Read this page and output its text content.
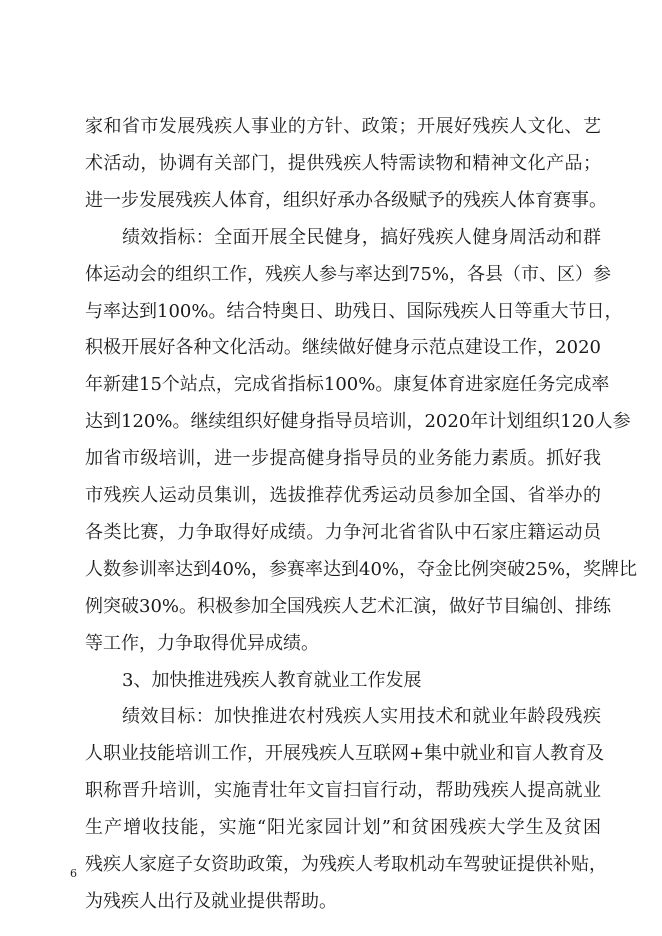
家和省市发展残疾人事业的方针、政策；开展好残疾人文化、艺
术活动，协调有关部门，提供残疾人特需读物和精神文化产品；
进一步发展残疾人体育，组织好承办各级赋予的残疾人体育赛事。
绩效指标：全面开展全民健身，搞好残疾人健身周活动和群
体运动会的组织工作，残疾人参与率达到75%，各县（市、区）参
与率达到100%。结合特奥日、助残日、国际残疾人日等重大节日，
积极开展好各种文化活动。继续做好健身示范点建设工作，2020
年新建15个站点，完成省指标100%。康复体育进家庭任务完成率
达到120%。继续组织好健身指导员培训，2020年计划组织120人参
加省市级培训，进一步提高健身指导员的业务能力素质。抓好我
市残疾人运动员集训，选拔推荐优秀运动员参加全国、省举办的
各类比赛，力争取得好成绩。力争河北省省队中石家庄籍运动员
人数参训率达到40%，参赛率达到40%，夺金比例突破25%，奖牌比
例突破30%。积极参加全国残疾人艺术汇演，做好节目编创、排练
等工作，力争取得优异成绩。
3、加快推进残疾人教育就业工作发展
绩效目标：加快推进农村残疾人实用技术和就业年龄段残疾
人职业技能培训工作，开展残疾人互联网+集中就业和盲人教育及
职称晋升培训，实施青壮年文盲扫盲行动，帮助残疾人提高就业
生产增收技能，实施“阳光家园计划”和贫困残疾大学生及贫困
残疾人家庭子女资助政策，为残疾人考取机动车驾驶证提供补贴，
为残疾人出行及就业提供帮助。
6
